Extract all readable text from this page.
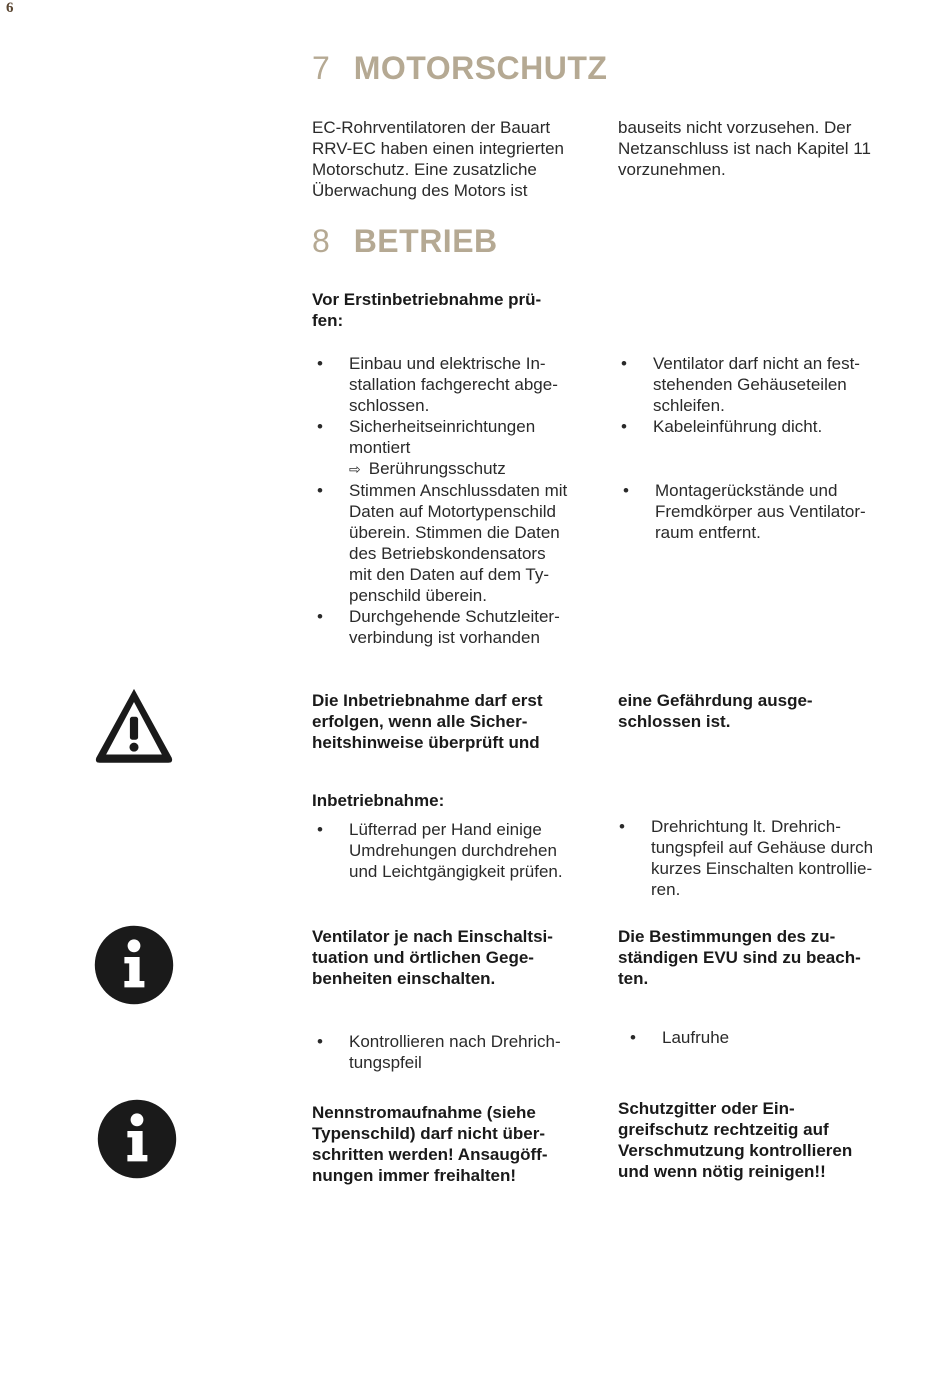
6
7 MOTORSCHUTZ
EC-Rohrventilatoren der Bauart
RRV-EC haben einen integrierten
Motorschutz. Eine zusatzliche
Überwachung des Motors ist
bauseits nicht vorzusehen. Der
Netzanschluss ist nach Kapitel 11
vorzunehmen.
8 BETRIEB
Vor Erstinbetriebnahme prü-
fen:
• Einbau und elektrische In-
stallation fachgerecht abge-
schlossen.
• Sicherheitseinrichtungen
montiert
⇨ Berührungsschutz
• Stimmen Anschlussdaten mit
Daten auf Motortypenschild
überein. Stimmen die Daten
des Betriebskondensators
mit den Daten auf dem Ty-
penschild überein.
• Durchgehende Schutzleiter-
verbindung ist vorhanden
• Ventilator darf nicht an fest-
stehenden Gehäuseteilen
schleifen.
• Kabeleinführung dicht.
• Montagerückstände und
Fremdkörper aus Ventilator-
raum entfernt.
Die Inbetriebnahme darf erst
erfolgen, wenn alle Sicher-
heitshinweise überprüft und
eine Gefährdung ausge-
schlossen ist.
Inbetriebnahme:
• Lüfterrad per Hand einige
Umdrehungen durchdrehen
und Leichtgängigkeit prüfen.
• Drehrichtung lt. Drehrich-
tungspfeil auf Gehäuse durch
kurzes Einschalten kontrollie-
ren.
Ventilator je nach Einschaltsi-
tuation und örtlichen Gege-
benheiten einschalten.
Die Bestimmungen des zu-
ständigen EVU sind zu beach-
ten.
• Kontrollieren nach Drehrich-
tungspfeil
• Laufruhe
Nennstromaufnahme (siehe
Typenschild) darf nicht über-
schritten werden! Ansaugöff-
nungen immer freihalten!
Schutzgitter oder Ein-
greifschutz rechtzeitig auf
Verschmutzung kontrollieren
und wenn nötig reinigen!!
